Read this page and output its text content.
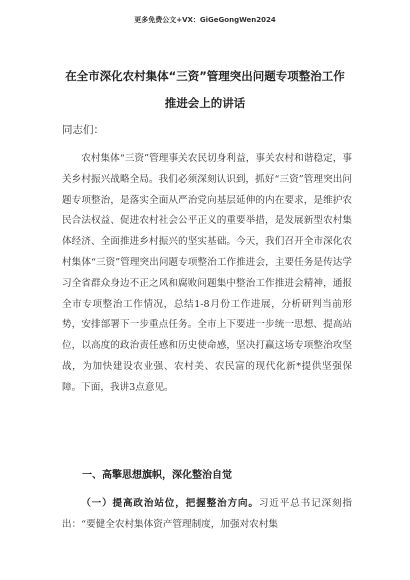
更多免费公文+VX：GiGeGongWen2024
在全市深化农村集体“三资”管理突出问题专项整治工作
推进会上的讲话
同志们：

农村集体“三资”管理事关农民切身利益，事关农村和谐稳定，事关乡村振兴战略全局。我们必须深刻认识到，抓好“三资”管理突出问题专项整治，是落实全面从严治党向基层延伸的内在要求，是维护农民合法权益、促进农村社会公平正义的重要举措，是发展新型农村集体经济、全面推进乡村振兴的坚实基础。今天，我们召开全市深化农村集体“三资”管理突出问题专项整治工作推进会，主要任务是传达学习全省群众身边不正之风和腐败问题集中整治工作推进会精神，通报全市专项整治工作情况，总结1-8月份工作进展，分析研判当前形势，安排部署下一步重点任务。全市上下要进一步统一思想、提高站位，以高度的政治责任感和历史使命感，坚决打赢这场专项整治攻坚战，为加快建设农业强、农村美、农民富的现代化新*提供坚强保障。下面，我讲3点意见。

一、高擎思想旗帜，深化整治自觉

（一）提高政治站位，把握整治方向。习近平总书记深刻指出：“要健全农村集体资产管理制度，加强对农村集
